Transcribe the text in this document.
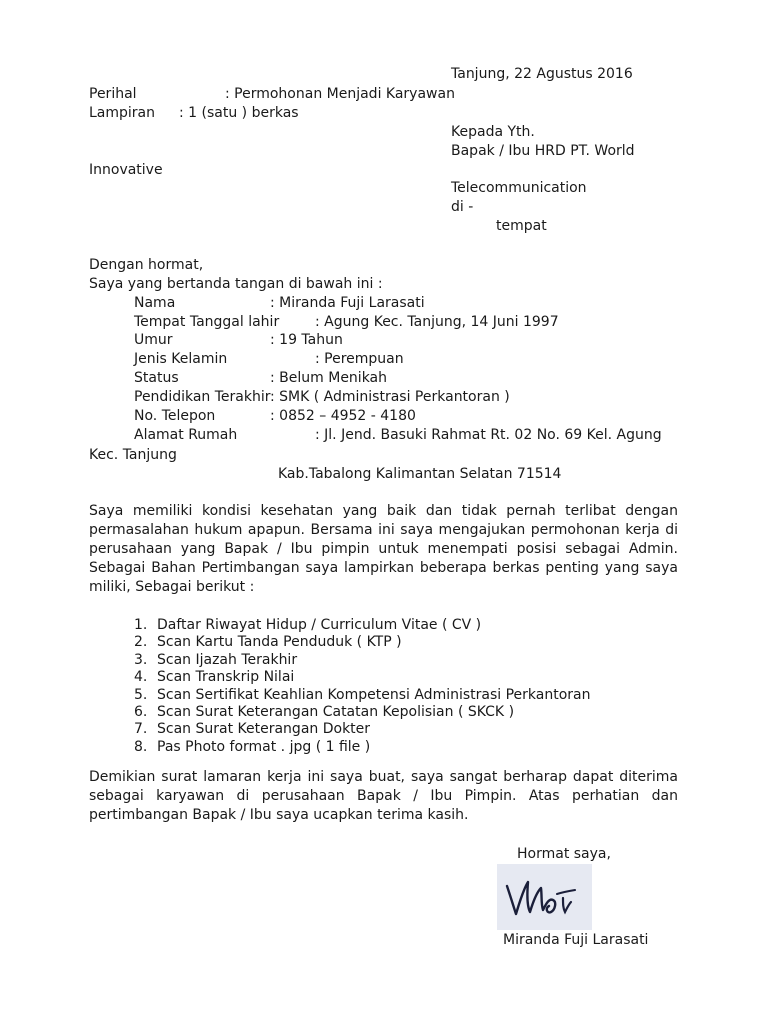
Tanjung, 22 Agustus 2016
Perihal	: Permohonan Menjadi Karyawan
Lampiran : 1 (satu ) berkas
Kepada Yth.
Bapak / Ibu HRD PT. World
Innovative
Telecommunication
di -
tempat
Dengan hormat,
Saya yang bertanda tangan di bawah ini :
Nama	: Miranda Fuji Larasati
Tempat Tanggal lahir	: Agung Kec. Tanjung, 14 Juni 1997
Umur	: 19 Tahun
Jenis Kelamin	: Perempuan
Status	: Belum Menikah
Pendidikan Terakhir : SMK ( Administrasi Perkantoran )
No. Telepon	: 0852 – 4952 - 4180
Alamat Rumah	: Jl. Jend. Basuki Rahmat Rt. 02 No. 69 Kel. Agung
Kec. Tanjung
Kab.Tabalong Kalimantan Selatan 71514
Saya memiliki kondisi kesehatan yang baik dan tidak pernah terlibat dengan
permasalahan hukum apapun. Bersama ini saya mengajukan permohonan kerja di
perusahaan yang Bapak / Ibu pimpin untuk menempati posisi sebagai Admin.
Sebagai Bahan Pertimbangan saya lampirkan beberapa berkas penting yang saya
miliki, Sebagai berikut :
1. Daftar Riwayat Hidup / Curriculum Vitae ( CV )
2. Scan Kartu Tanda Penduduk ( KTP )
3. Scan Ijazah Terakhir
4. Scan Transkrip Nilai
5. Scan Sertifikat Keahlian Kompetensi Administrasi Perkantoran
6. Scan Surat Keterangan Catatan Kepolisian ( SKCK )
7. Scan Surat Keterangan Dokter
8. Pas Photo format . jpg ( 1 file )
Demikian surat lamaran kerja ini saya buat, saya sangat berharap dapat diterima
sebagai karyawan di perusahaan Bapak / Ibu Pimpin. Atas perhatian dan
pertimbangan Bapak / Ibu saya ucapkan terima kasih.
Hormat saya,
Miranda Fuji Larasati
